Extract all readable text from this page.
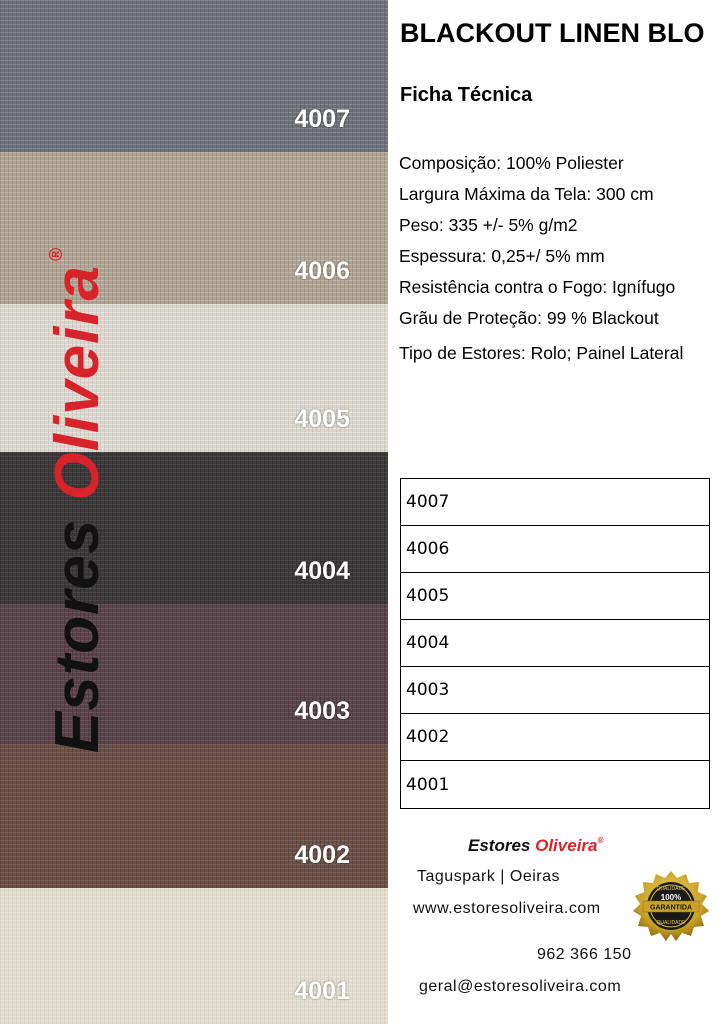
4007
4006
4005
4004
4003
4002
4001
Estores Oliveira®
BLACKOUT LINEN BLO
Ficha Técnica
Composição: 100% Poliester
Largura Máxima da Tela: 300 cm
Peso: 335 +/- 5% g/m2
Espessura: 0,25+/ 5% mm
Resistência contra o Fogo: Ignífugo
Grãu de Proteção: 99 % Blackout
Tipo de Estores: Rolo; Painel Lateral
4007
4006
4005
4004
4003
4002
4001
Estores Oliveira®
Taguspark | Oeiras
www.estoresoliveira.com
962 366 150
geral@estoresoliveira.com
QUALIDADE
100%
GARANTIDA
QUALIDADE
